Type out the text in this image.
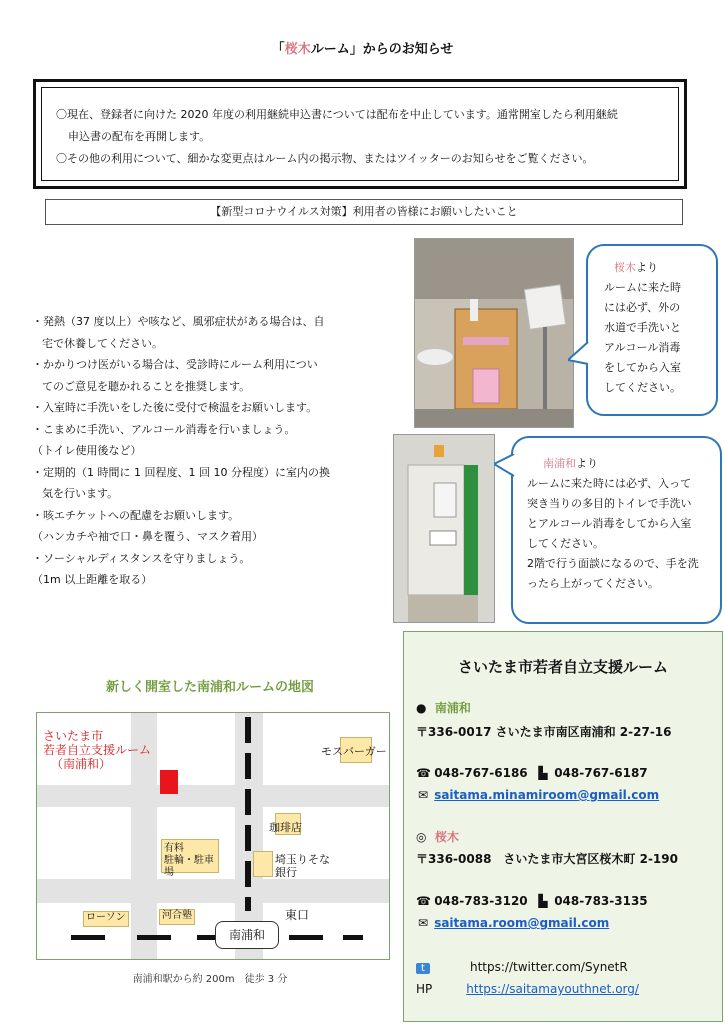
「桜木ルーム」からのお知らせ
〇現在、登録者に向けた 2020 年度の利用継続申込書については配布を中止しています。通常開室したら利用継続
申込書の配布を再開します。
〇その他の利用について、細かな変更点はルーム内の掲示物、またはツイッターのお知らせをご覧ください。
【新型コロナウイルス対策】利用者の皆様にお願いしたいこと
・発熱（37 度以上）や咳など、風邪症状がある場合は、自
宅で休養してください。
・かかりつけ医がいる場合は、受診時にルーム利用につい
てのご意見を聴かれることを推奨します。
・入室時に手洗いをした後に受付で検温をお願いします。
・こまめに手洗い、アルコール消毒を行いましょう。
（トイレ使用後など）
・定期的（1 時間に 1 回程度、1 回 10 分程度）に室内の換
気を行います。
・咳エチケットへの配慮をお願いします。
（ハンカチや袖で口・鼻を覆う、マスク着用）
・ソーシャルディスタンスを守りましょう。
（1m 以上距離を取る）
桜木より
ルームに来た時
には必ず、外の
水道で手洗いと
アルコール消毒
をしてから入室
してください。
南浦和より
ルームに来た時には必ず、入って
突き当りの多目的トイレで手洗い
とアルコール消毒をしてから入室
してください。
2階で行う面談になるので、手を洗
ったら上がってください。
新しく開室した南浦和ルームの地図
さいたま市
若者自立支援ルーム
（南浦和）
モスバーガー
珈琲店
有料
駐輪・駐車場
埼玉りそな
銀行
ローソン	河合塾	東口
南浦和
南浦和駅から約 200m　徒歩 3 分
さいたま市若者自立支援ルーム
● 南浦和
〒336-0017 さいたま市南区南浦和 2-27-16
☎ 048-767-6186 ▙ 048-767-6187
✉ saitama.minamiroom@gmail.com
◎ 桜木
〒336-0088　さいたま市大宮区桜木町 2-190
☎ 048-783-3120 ▙ 048-783-3135
✉ saitama.room@gmail.com
t	https://twitter.com/SynetR
HP	https://saitamayouthnet.org/
